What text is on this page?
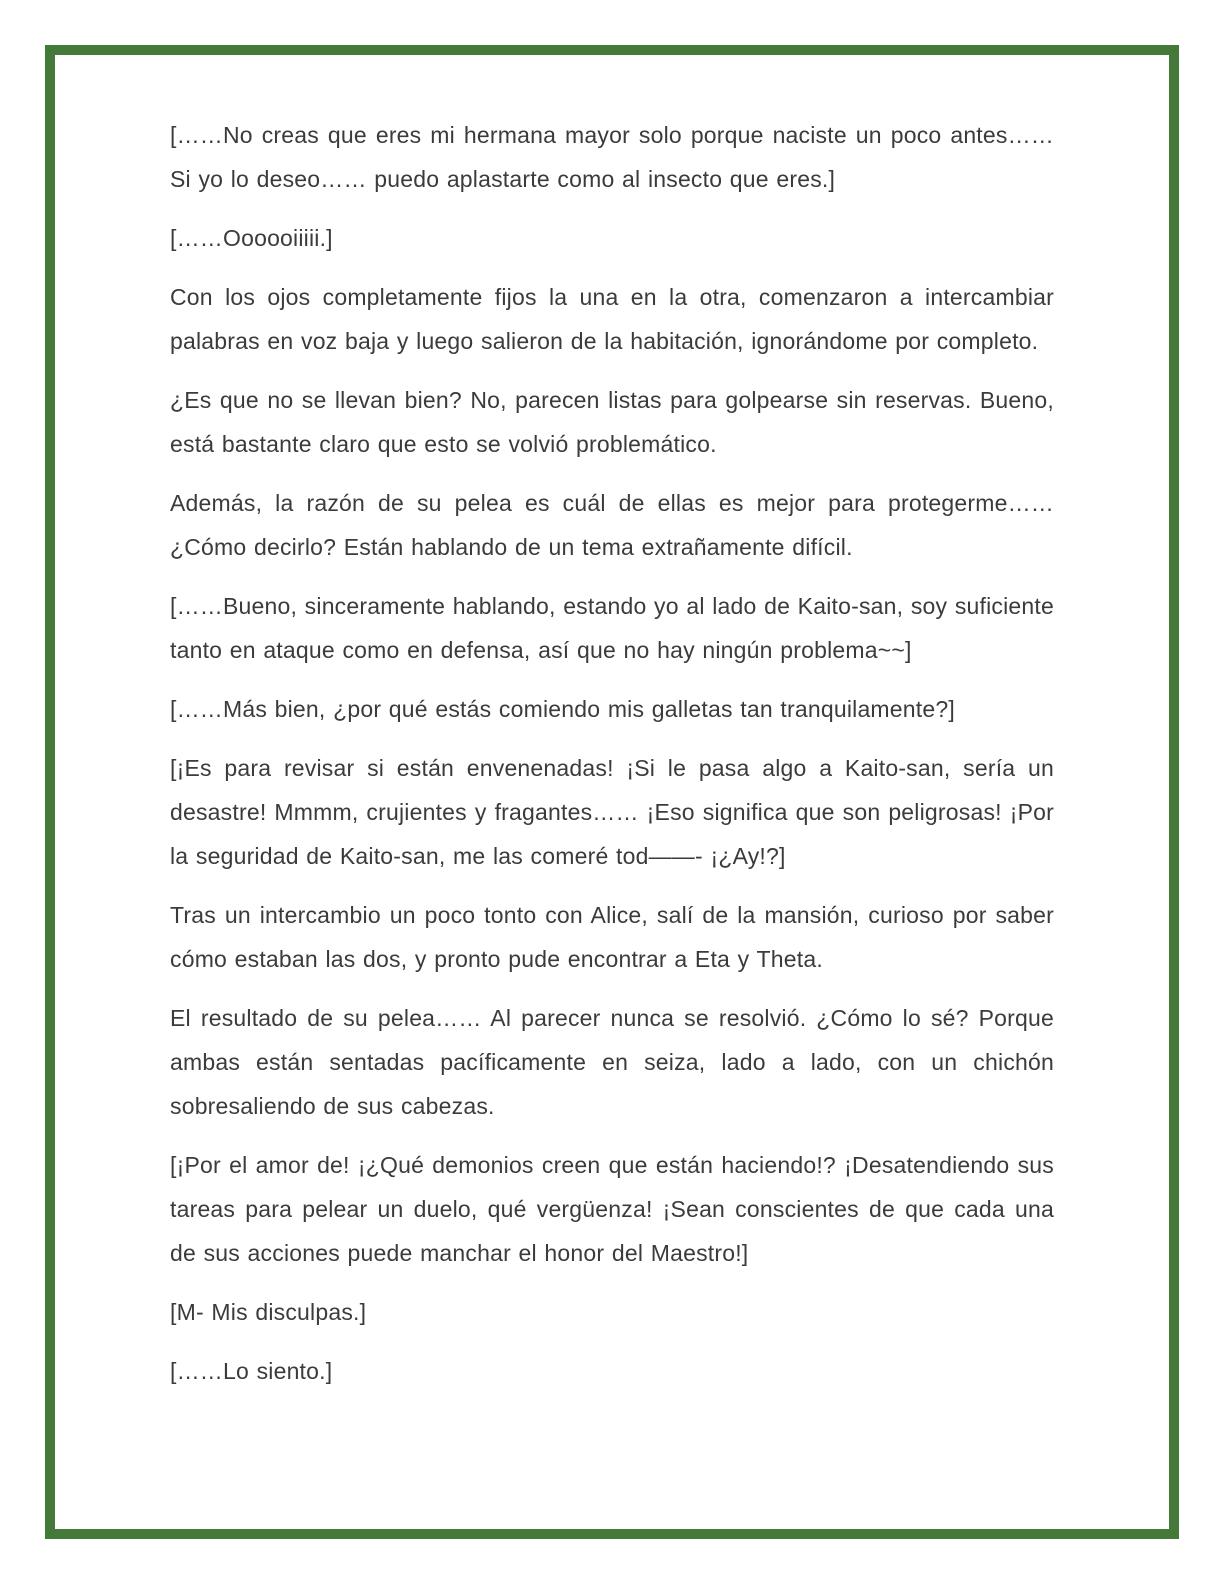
[……No creas que eres mi hermana mayor solo porque naciste un poco antes…… Si yo lo deseo…… puedo aplastarte como al insecto que eres.]

[……Oooooiiiii.]

Con los ojos completamente fijos la una en la otra, comenzaron a intercambiar palabras en voz baja y luego salieron de la habitación, ignorándome por completo.

¿Es que no se llevan bien? No, parecen listas para golpearse sin reservas. Bueno, está bastante claro que esto se volvió problemático.

Además, la razón de su pelea es cuál de ellas es mejor para protegerme…… ¿Cómo decirlo? Están hablando de un tema extrañamente difícil.

[……Bueno, sinceramente hablando, estando yo al lado de Kaito-san, soy suficiente tanto en ataque como en defensa, así que no hay ningún problema~~]

[……Más bien, ¿por qué estás comiendo mis galletas tan tranquilamente?]

[¡Es para revisar si están envenenadas! ¡Si le pasa algo a Kaito-san, sería un desastre! Mmmm, crujientes y fragantes…… ¡Eso significa que son peligrosas! ¡Por la seguridad de Kaito-san, me las comeré tod——- ¡¿Ay!?]

Tras un intercambio un poco tonto con Alice, salí de la mansión, curioso por saber cómo estaban las dos, y pronto pude encontrar a Eta y Theta.

El resultado de su pelea…… Al parecer nunca se resolvió. ¿Cómo lo sé? Porque ambas están sentadas pacíficamente en seiza, lado a lado, con un chichón sobresaliendo de sus cabezas.

[¡Por el amor de! ¡¿Qué demonios creen que están haciendo!? ¡Desatendiendo sus tareas para pelear un duelo, qué vergüenza! ¡Sean conscientes de que cada una de sus acciones puede manchar el honor del Maestro!]

[M- Mis disculpas.]

[……Lo siento.]
